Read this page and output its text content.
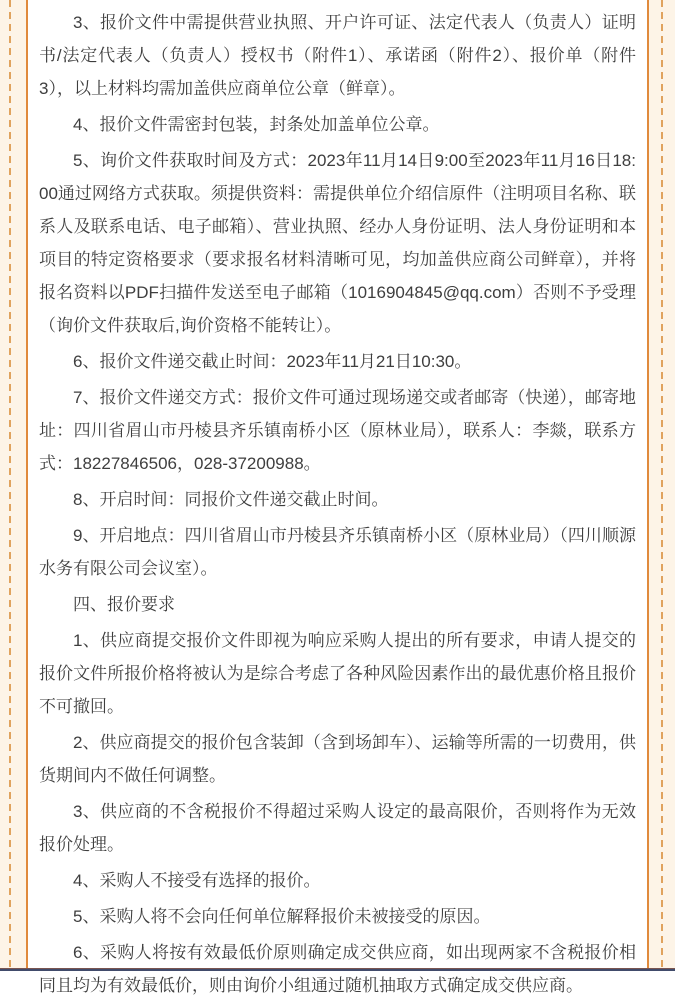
3、报价文件中需提供营业执照、开户许可证、法定代表人（负责人）证明书/法定代表人（负责人）授权书（附件1）、承诺函（附件2）、报价单（附件3），以上材料均需加盖供应商单位公章（鲜章）。

4、报价文件需密封包装，封条处加盖单位公章。

5、询价文件获取时间及方式：2023年11月14日9:00至2023年11月16日18:00通过网络方式获取。须提供资料：需提供单位介绍信原件（注明项目名称、联系人及联系电话、电子邮箱）、营业执照、经办人身份证明、法人身份证明和本项目的特定资格要求（要求报名材料清晰可见，均加盖供应商公司鲜章），并将报名资料以PDF扫描件发送至电子邮箱（1016904845@qq.com）否则不予受理（询价文件获取后,询价资格不能转让）。

6、报价文件递交截止时间：2023年11月21日10:30。

7、报价文件递交方式：报价文件可通过现场递交或者邮寄（快递），邮寄地址：四川省眉山市丹棱县齐乐镇南桥小区（原林业局），联系人：李燚，联系方式：18227846506，028-37200988。

8、开启时间：同报价文件递交截止时间。

9、开启地点：四川省眉山市丹棱县齐乐镇南桥小区（原林业局）（四川顺源水务有限公司会议室）。

四、报价要求

1、供应商提交报价文件即视为响应采购人提出的所有要求，申请人提交的报价文件所报价格将被认为是综合考虑了各种风险因素作出的最优惠价格且报价不可撤回。

2、供应商提交的报价包含装卸（含到场卸车）、运输等所需的一切费用，供货期间内不做任何调整。

3、供应商的不含税报价不得超过采购人设定的最高限价，否则将作为无效报价处理。

4、采购人不接受有选择的报价。

5、采购人将不会向任何单位解释报价未被接受的原因。

6、采购人将按有效最低价原则确定成交供应商，如出现两家不含税报价相同且均为有效最低价，则由询价小组通过随机抽取方式确定成交供应商。
